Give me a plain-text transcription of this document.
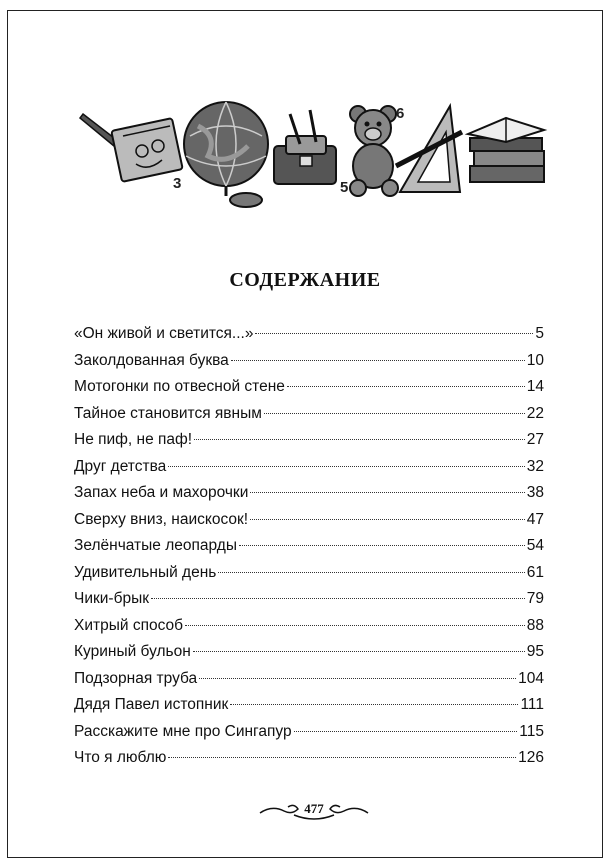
3	5
6
СОДЕРЖАНИЕ
«Он живой и светится...»	5
Заколдованная буква	10
Мотогонки по отвесной стене	14
Тайное становится явным	22
Не пиф, не паф!	27
Друг детства	32
Запах неба и махорочки	38
Сверху вниз, наискосок!	47
Зелёнчатые леопарды	54
Удивительный день	61
Чики-брык	79
Хитрый способ	88
Куриный бульон	95
Подзорная труба	104
Дядя Павел истопник	111
Расскажите мне про Сингапур	115
Что я люблю	126
477
